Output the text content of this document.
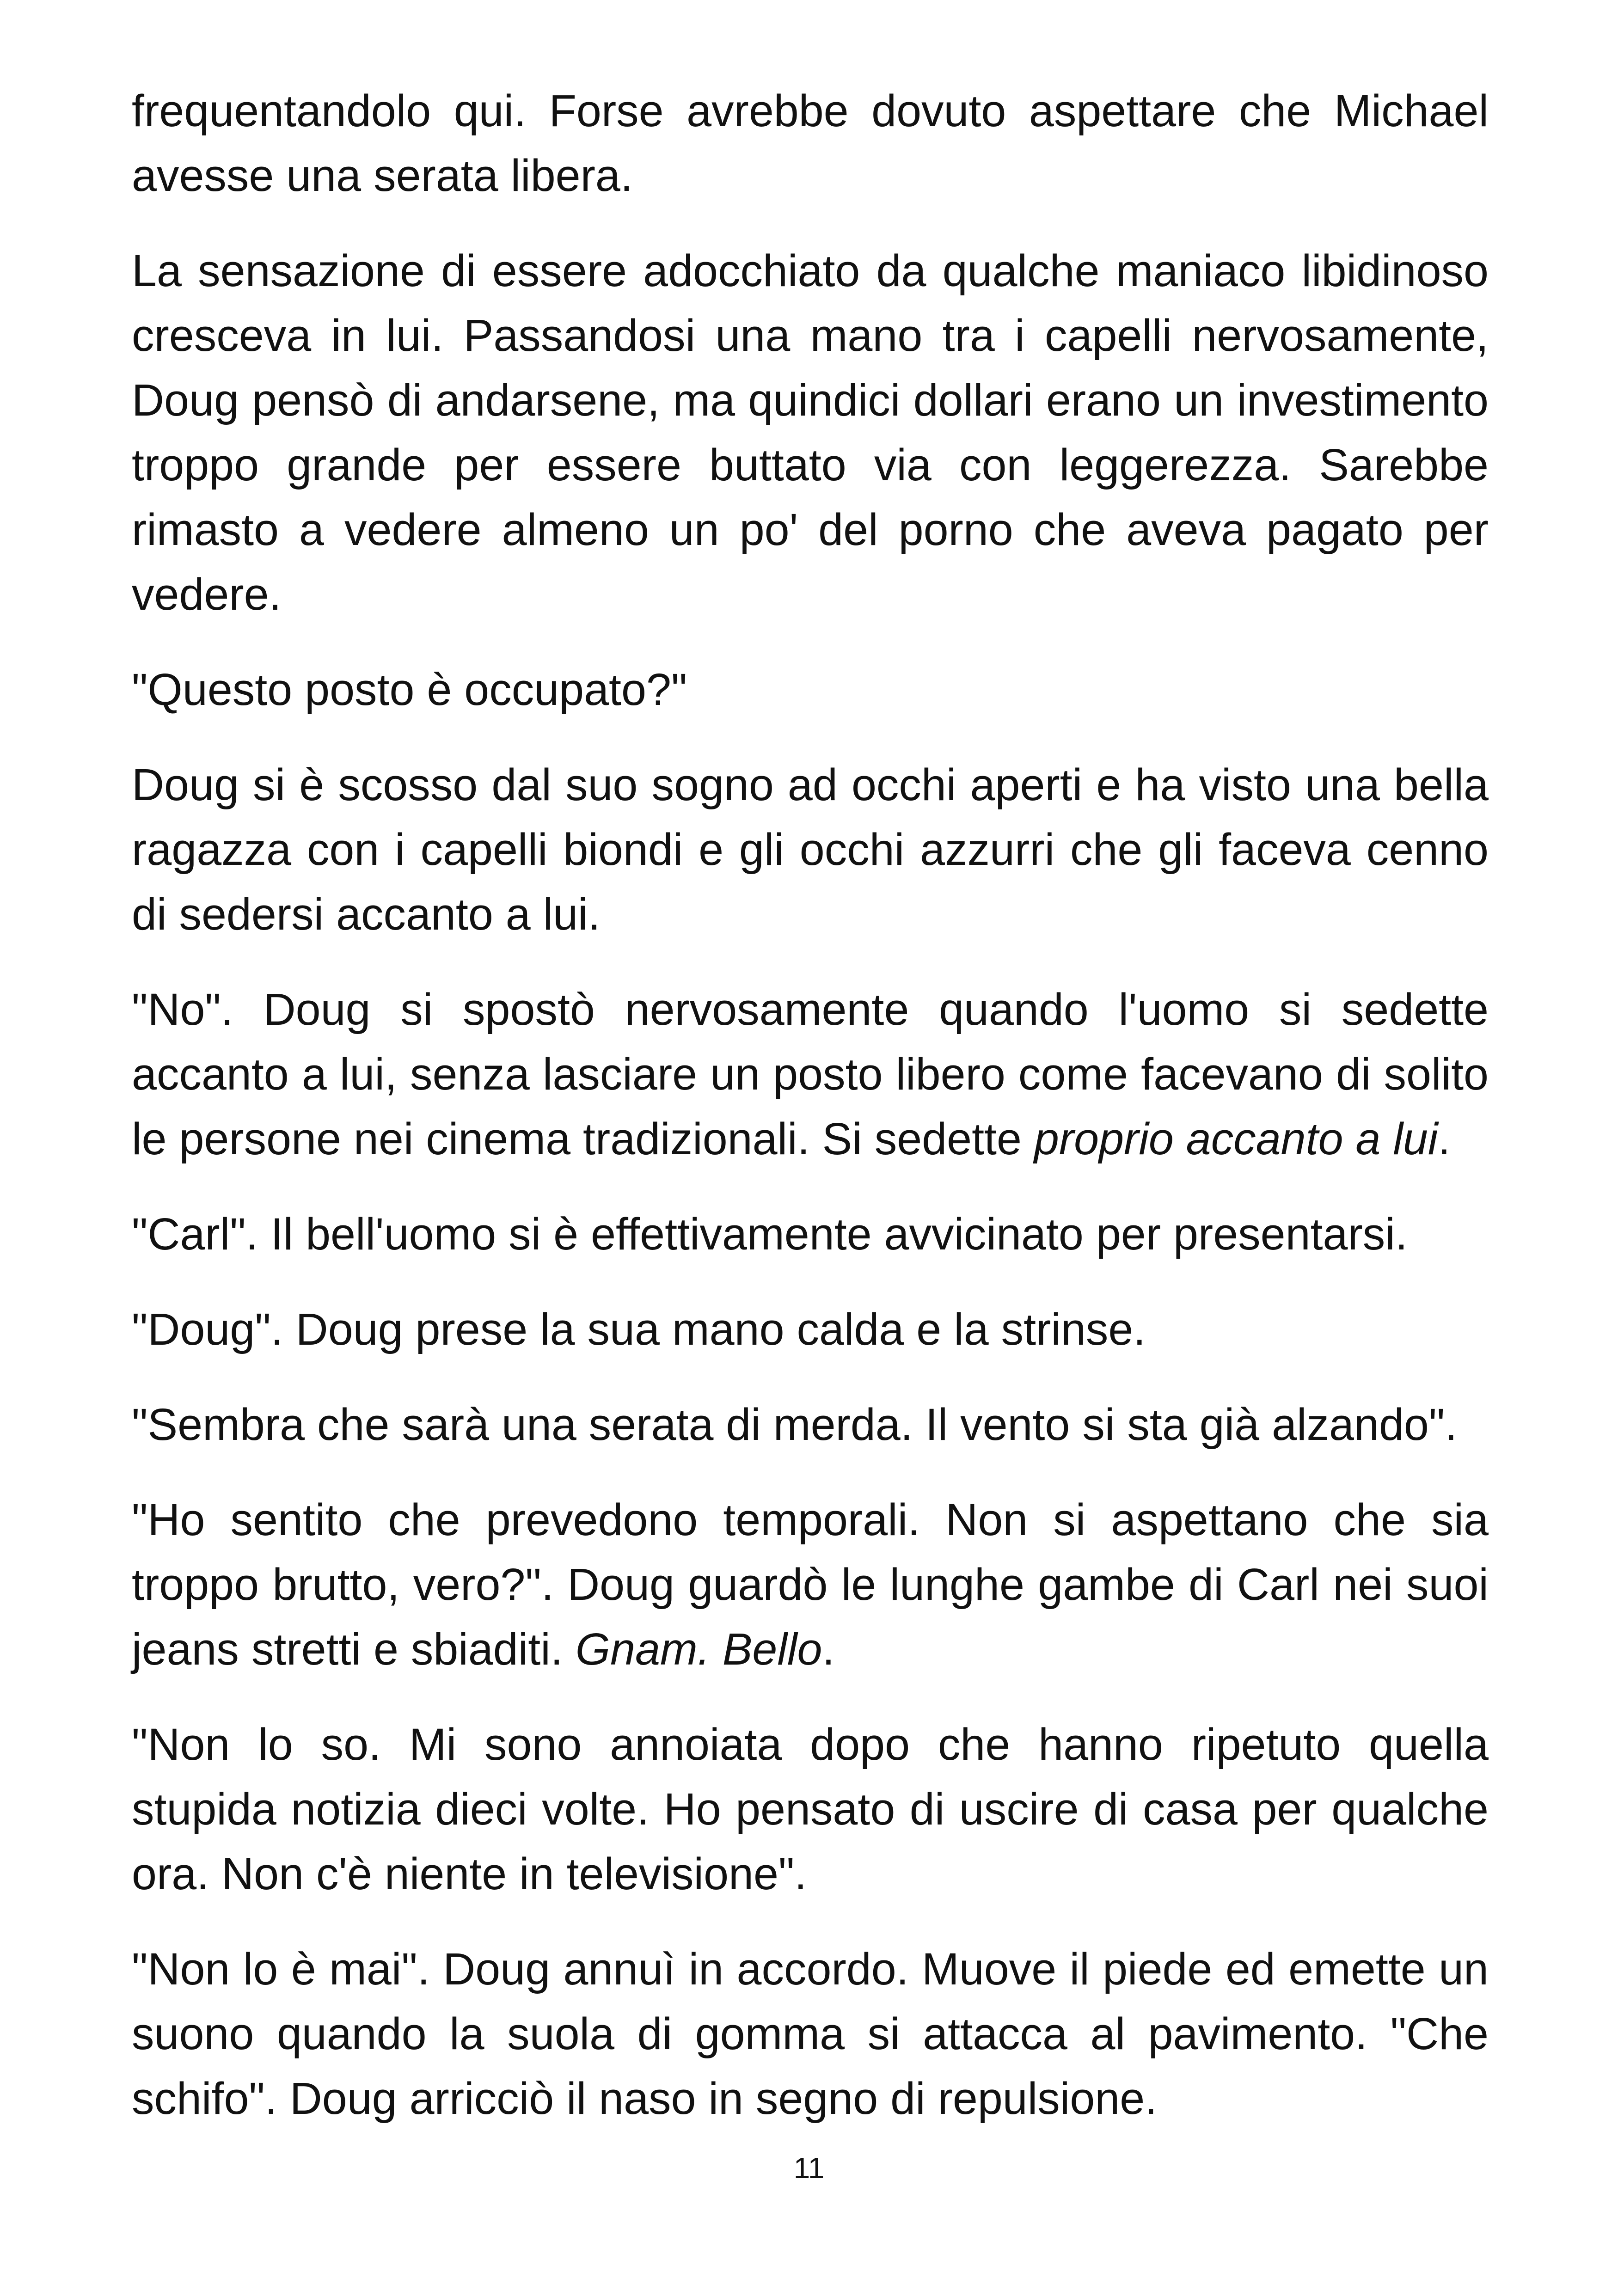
frequentandolo qui. Forse avrebbe dovuto aspettare che Michael avesse una serata libera.

La sensazione di essere adocchiato da qualche maniaco libidinoso cresceva in lui. Passandosi una mano tra i capelli nervosamente, Doug pensò di andarsene, ma quindici dollari erano un investimento troppo grande per essere buttato via con leggerezza. Sarebbe rimasto a vedere almeno un po' del porno che aveva pagato per vedere.

"Questo posto è occupato?"

Doug si è scosso dal suo sogno ad occhi aperti e ha visto una bella ragazza con i capelli biondi e gli occhi azzurri che gli faceva cenno di sedersi accanto a lui.

"No". Doug si spostò nervosamente quando l'uomo si sedette accanto a lui, senza lasciare un posto libero come facevano di solito le persone nei cinema tradizionali. Si sedette proprio accanto a lui.

"Carl". Il bell'uomo si è effettivamente avvicinato per presentarsi.

"Doug". Doug prese la sua mano calda e la strinse.

"Sembra che sarà una serata di merda. Il vento si sta già alzando".

"Ho sentito che prevedono temporali. Non si aspettano che sia troppo brutto, vero?". Doug guardò le lunghe gambe di Carl nei suoi jeans stretti e sbiaditi. Gnam. Bello.

"Non lo so. Mi sono annoiata dopo che hanno ripetuto quella stupida notizia dieci volte. Ho pensato di uscire di casa per qualche ora. Non c'è niente in televisione".

"Non lo è mai". Doug annuì in accordo. Muove il piede ed emette un suono quando la suola di gomma si attacca al pavimento. "Che schifo". Doug arricciò il naso in segno di repulsione.

11
